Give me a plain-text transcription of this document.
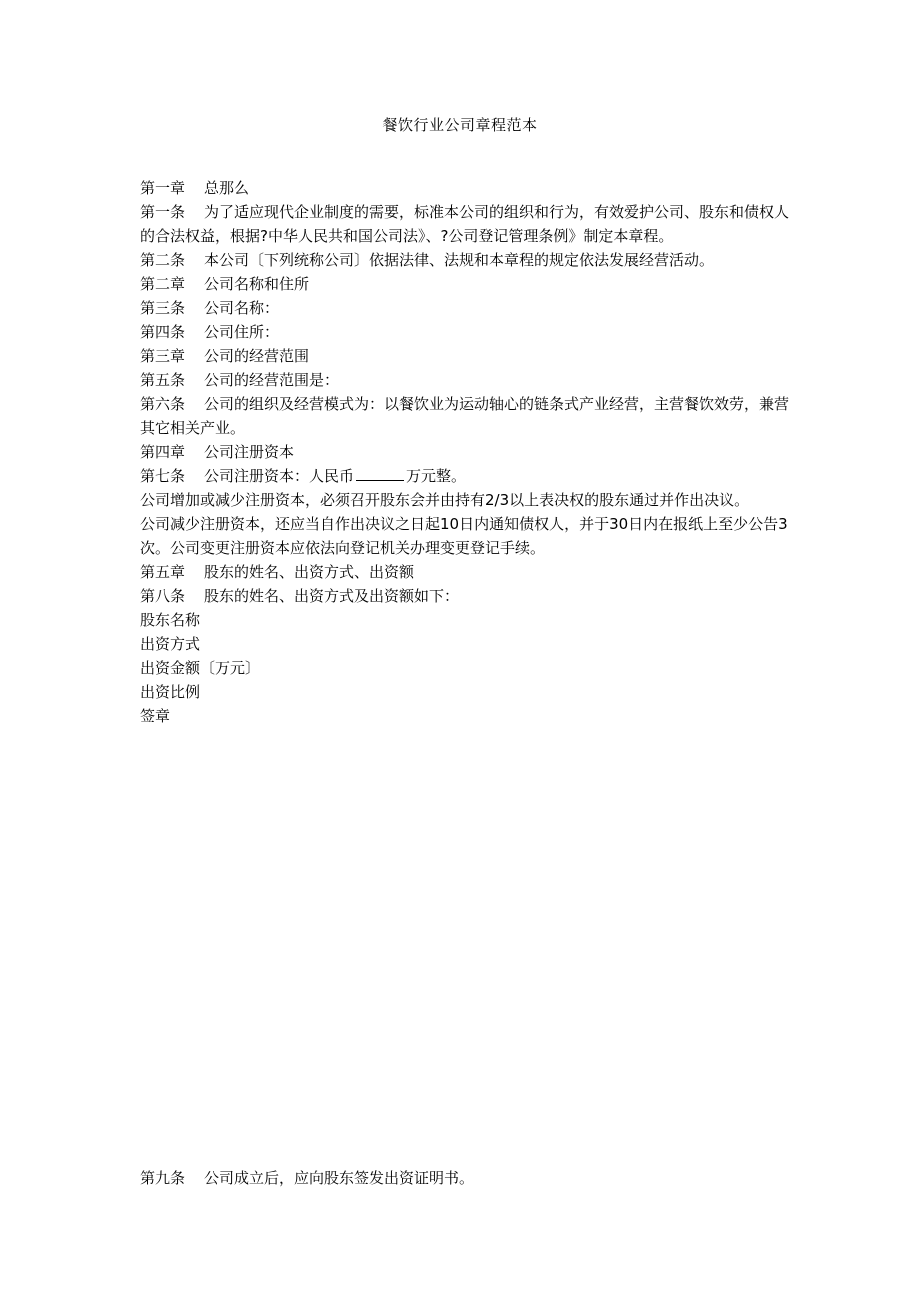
餐饮行业公司章程范本

第一章 总那么

第一条 为了适应现代企业制度的需要，标准本公司的组织和行为，有效爱护公司、股东和债权人的合法权益，根据?中华人民共和国公司法》、?公司登记管理条例》制定本章程。

第二条 本公司〔下列统称公司〕依据法律、法规和本章程的规定依法发展经营活动。

第二章 公司名称和住所

第三条 公司名称：

第四条 公司住所：

第三章 公司的经营范围

第五条 公司的经营范围是：

第六条 公司的组织及经营模式为：以餐饮业为运动轴心的链条式产业经营，主营餐饮效劳，兼营其它相关产业。

第四章 公司注册资本

第七条 公司注册资本：人民币	万元整。

公司增加或减少注册资本，必须召开股东会并由持有2/3以上表决权的股东通过并作出决议。

公司减少注册资本，还应当自作出决议之日起10日内通知债权人，并于30日内在报纸上至少公告3次。公司变更注册资本应依法向登记机关办理变更登记手续。

第五章 股东的姓名、出资方式、出资额

第八条 股东的姓名、出资方式及出资额如下：

股东名称

出资方式

出资金额〔万元〕

出资比例

签章

第九条 公司成立后，应向股东签发出资证明书。
